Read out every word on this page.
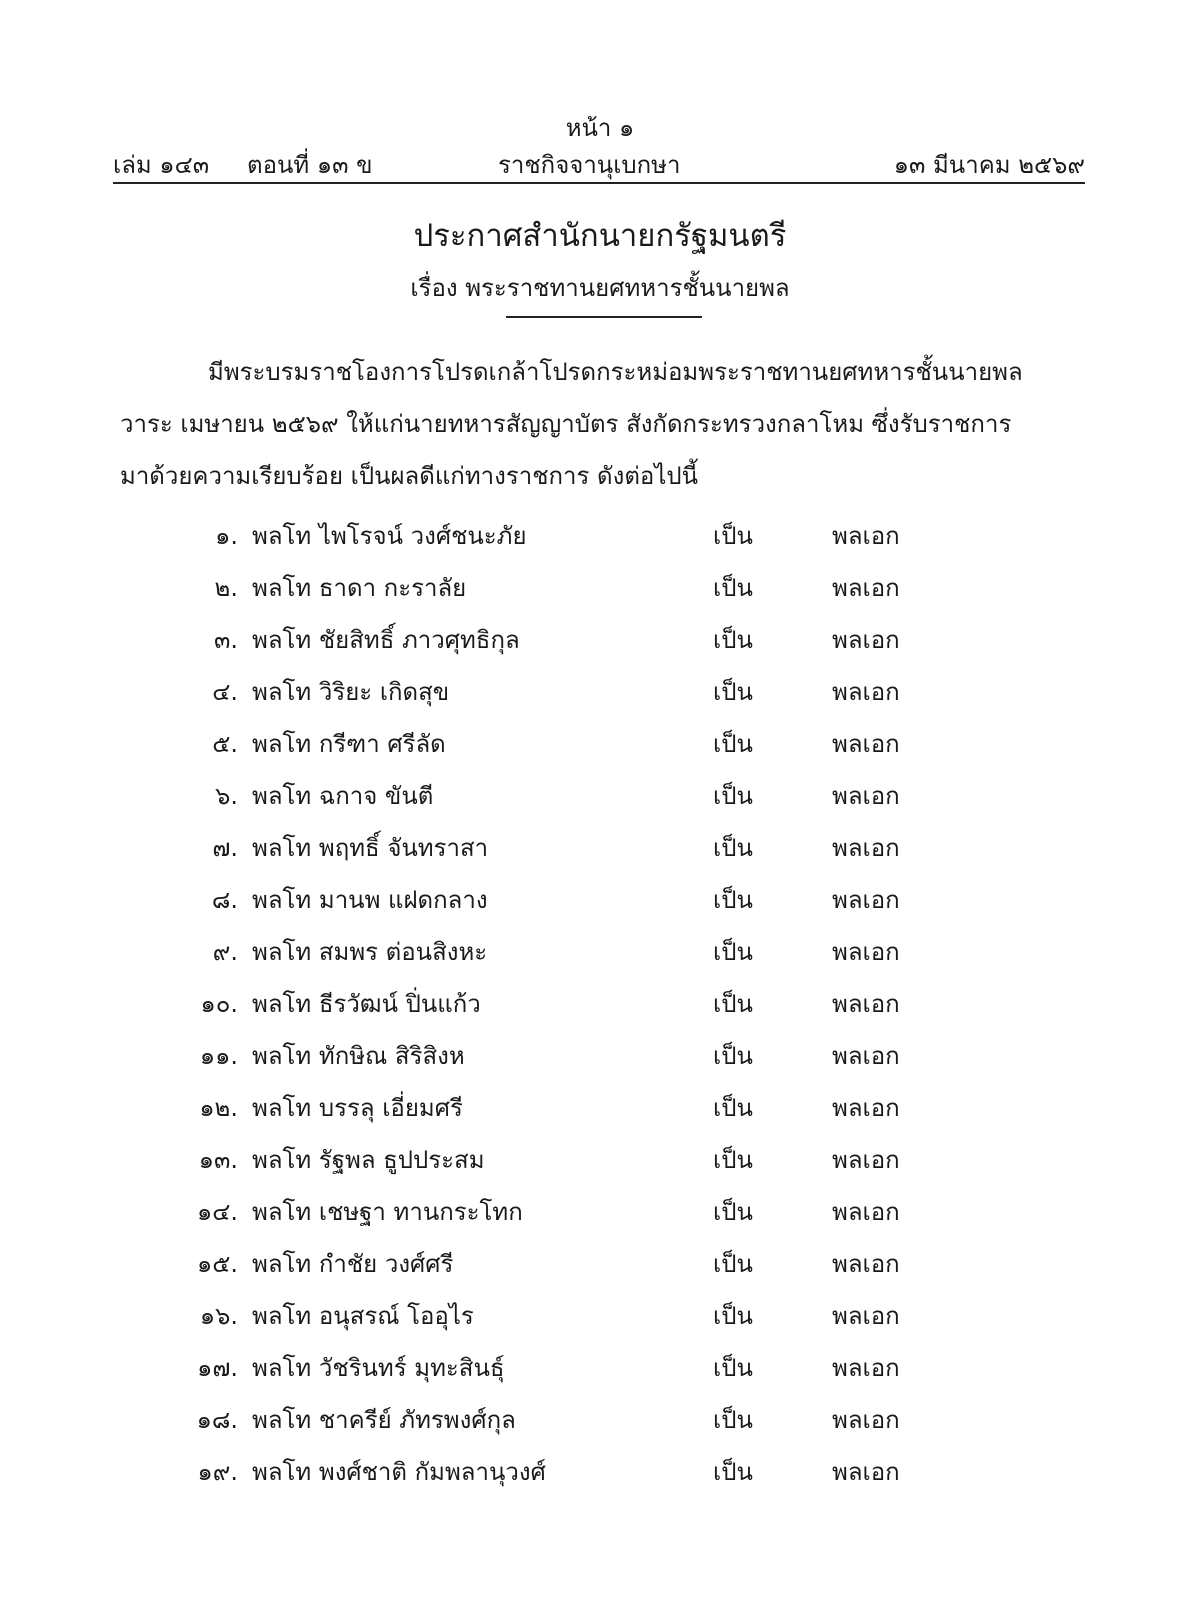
หน้า ๑
เล่ม ๑๔๓ ตอนที่ ๑๓ ข	ราชกิจจานุเบกษา	๑๓ มีนาคม ๒๕๖๙
ประกาศสำนักนายกรัฐมนตรี
เรื่อง พระราชทานยศทหารชั้นนายพล
มีพระบรมราชโองการโปรดเกล้าโปรดกระหม่อมพระราชทานยศทหารชั้นนายพล
วาระ เมษายน ๒๕๖๙ ให้แก่นายทหารสัญญาบัตร สังกัดกระทรวงกลาโหม ซึ่งรับราชการ
มาด้วยความเรียบร้อย เป็นผลดีแก่ทางราชการ ดังต่อไปนี้
๑. พลโท ไพโรจน์ วงศ์ชนะภัย	เป็น	พลเอก
๒. พลโท ธาดา กะราลัย	เป็น	พลเอก
๓. พลโท ชัยสิทธิ์ ภาวศุทธิกุล	เป็น	พลเอก
๔. พลโท วิริยะ เกิดสุข	เป็น	พลเอก
๕. พลโท กรีฑา ศรีลัด	เป็น	พลเอก
๖. พลโท ฉกาจ ขันตี	เป็น	พลเอก
๗. พลโท พฤทธิ์ จันทราสา	เป็น	พลเอก
๘. พลโท มานพ แฝดกลาง	เป็น	พลเอก
๙. พลโท สมพร ต่อนสิงหะ	เป็น	พลเอก
๑๐. พลโท ธีรวัฒน์ ปิ่นแก้ว	เป็น	พลเอก
๑๑. พลโท ทักษิณ สิริสิงห	เป็น	พลเอก
๑๒. พลโท บรรลุ เอี่ยมศรี	เป็น	พลเอก
๑๓. พลโท รัฐพล ธูปประสม	เป็น	พลเอก
๑๔. พลโท เชษฐา ทานกระโทก	เป็น	พลเอก
๑๕. พลโท กำชัย วงศ์ศรี	เป็น	พลเอก
๑๖. พลโท อนุสรณ์ โออุไร	เป็น	พลเอก
๑๗. พลโท วัชรินทร์ มุทะสินธุ์	เป็น	พลเอก
๑๘. พลโท ชาครีย์ ภัทรพงศ์กุล	เป็น	พลเอก
๑๙. พลโท พงศ์ชาติ กัมพลานุวงศ์	เป็น	พลเอก
